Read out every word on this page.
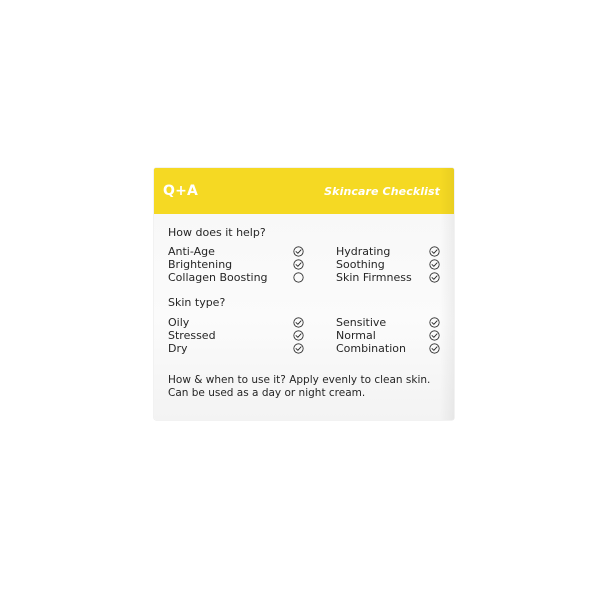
Q+A	Skincare Checklist
How does it help?
Anti-Age
Brightening
Collagen Boosting
Hydrating
Soothing
Skin Firmness
Skin type?
Oily
Stressed
Dry
Sensitive
Normal
Combination
How & when to use it? Apply evenly to clean skin.
Can be used as a day or night cream.
